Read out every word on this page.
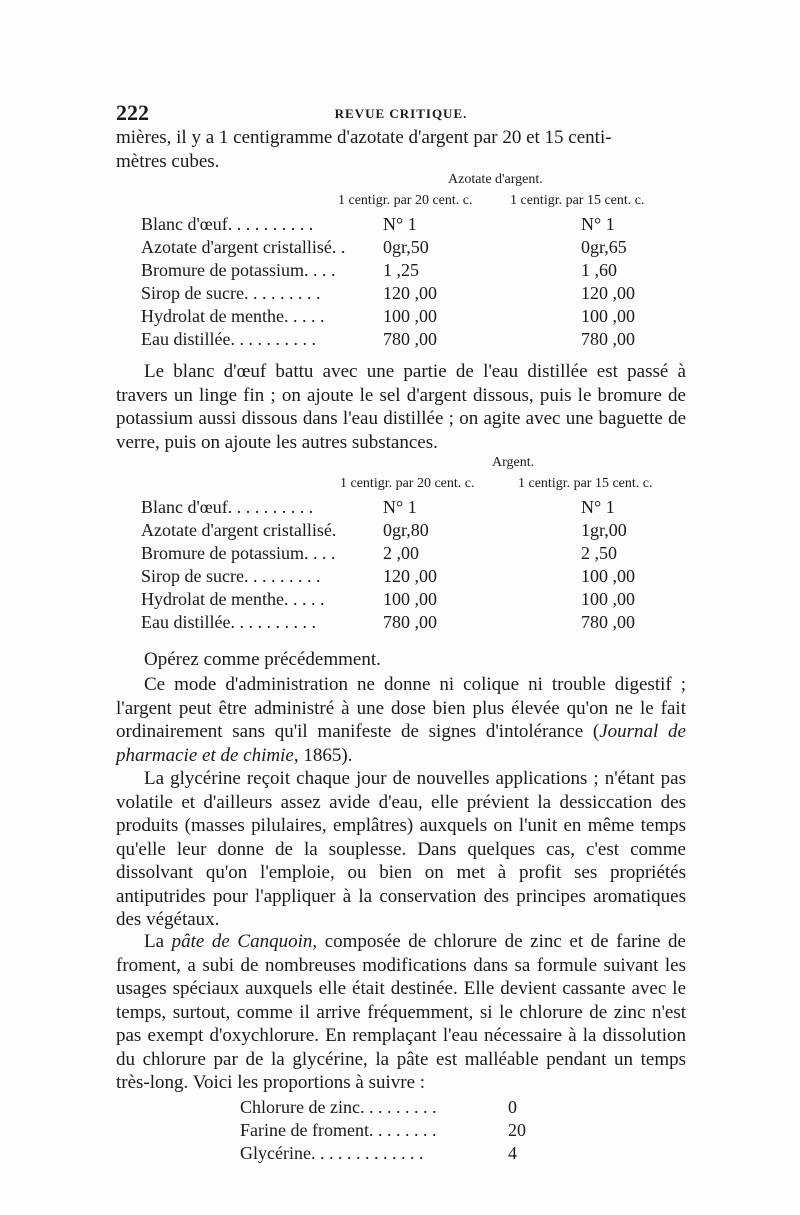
222	REVUE CRITIQUE.

mières, il y a 1 centigramme d'azotate d'argent par 20 et 15 centi-

mètres cubes.

Azotate d'argent.
1 centigr. par 20 cent. c.	1 centigr. par 15 cent. c.
Blanc d'œuf. . . . . . . . . .	N° 1	N° 1
Azotate d'argent cristallisé. . 0gr,50	0gr,65
Bromure de potassium. . . .	1 ,25	1 ,60
Sirop de sucre. . . . . . . . .	120 ,00	120 ,00
Hydrolat de menthe. . . . .	100 ,00	100 ,00
Eau distillée. . . . . . . . . .	780 ,00	780 ,00
Le blanc d'œuf battu avec une partie de l'eau distillée est passé à travers un linge fin ; on ajoute le sel d'argent dissous, puis le bromure de potassium aussi dissous dans l'eau distillée ; on agite avec une baguette de verre, puis on ajoute les autres substances.
Argent.
1 centigr. par 20 cent. c.	1 centigr. par 15 cent. c.
Blanc d'œuf. . . . . . . . . .	N° 1	N° 1
Azotate d'argent cristallisé.	0gr,80	1gr,00
Bromure de potassium. . . .	2 ,00	2 ,50
Sirop de sucre. . . . . . . . .	120 ,00	100 ,00
Hydrolat de menthe. . . . .	100 ,00	100 ,00
Eau distillée. . . . . . . . . .	780 ,00	780 ,00
Opérez comme précédemment.
Ce mode d'administration ne donne ni colique ni trouble digestif ; l'argent peut être administré à une dose bien plus élevée qu'on ne le fait ordinairement sans qu'il manifeste de signes d'intolérance (Journal de pharmacie et de chimie, 1865).
La glycérine reçoit chaque jour de nouvelles applications ; n'étant pas volatile et d'ailleurs assez avide d'eau, elle prévient la dessiccation des produits (masses pilulaires, emplâtres) auxquels on l'unit en même temps qu'elle leur donne de la souplesse. Dans quelques cas, c'est comme dissolvant qu'on l'emploie, ou bien on met à profit ses propriétés antiputrides pour l'appliquer à la conservation des principes aromatiques des végétaux.
La pâte de Canquoin, composée de chlorure de zinc et de farine de froment, a subi de nombreuses modifications dans sa formule suivant les usages spéciaux auxquels elle était destinée. Elle devient cassante avec le temps, surtout, comme il arrive fréquemment, si le chlorure de zinc n'est pas exempt d'oxychlorure. En remplaçant l'eau nécessaire à la dissolution du chlorure par de la glycérine, la pâte est malléable pendant un temps très-long. Voici les proportions à suivre :
Chlorure de zinc. . . . . . . . .	0
Farine de froment. . . . . . . .	20
Glycérine. . . . . . . . . . . . .	4
